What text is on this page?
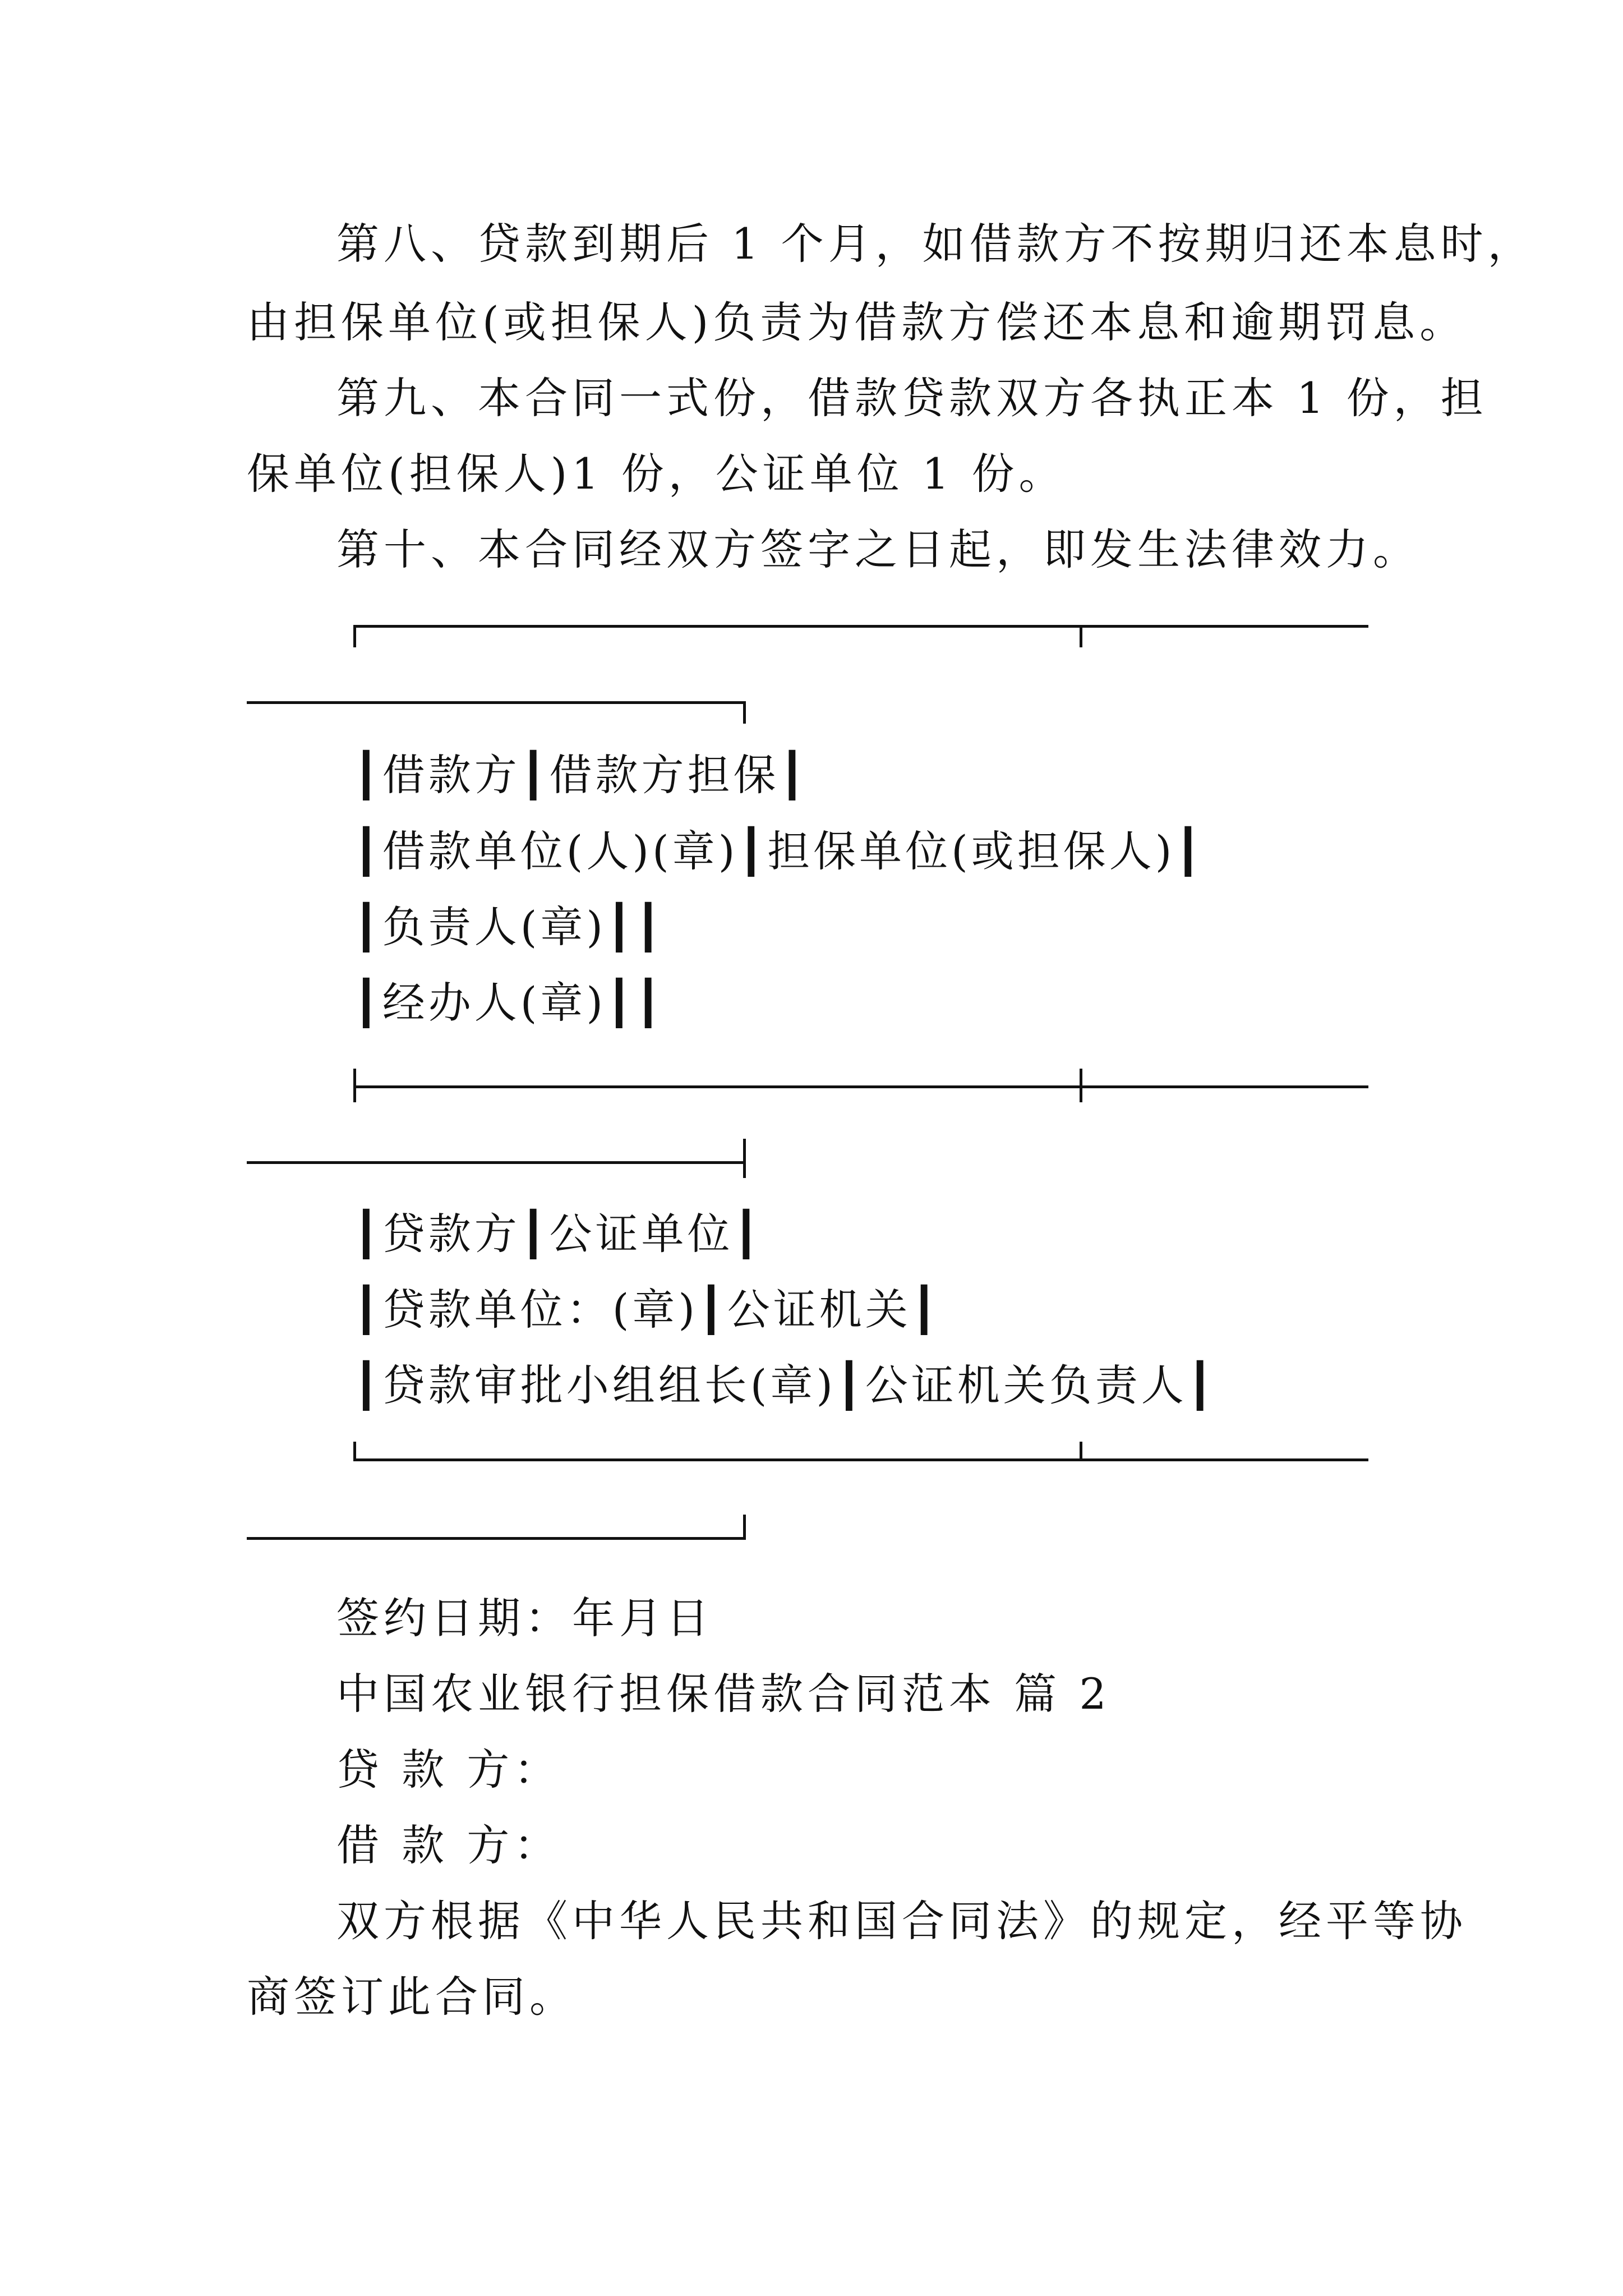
第八、贷款到期后 1 个月，如借款方不按期归还本息时，
由担保单位(或担保人)负责为借款方偿还本息和逾期罚息。
第九、本合同一式份，借款贷款双方各执正本 1 份，担
保单位(担保人)1 份，公证单位 1 份。
第十、本合同经双方签字之日起，即发生法律效力。
┃借款方┃借款方担保┃
┃借款单位(人)(章)┃担保单位(或担保人)┃
┃负责人(章)┃┃
┃经办人(章)┃┃
┃贷款方┃公证单位┃
┃贷款单位：(章)┃公证机关┃
┃贷款审批小组组长(章)┃公证机关负责人┃
签约日期：年月日
中国农业银行担保借款合同范本 篇 2
贷 款 方：
借 款 方：
双方根据《中华人民共和国合同法》的规定，经平等协
商签订此合同。
